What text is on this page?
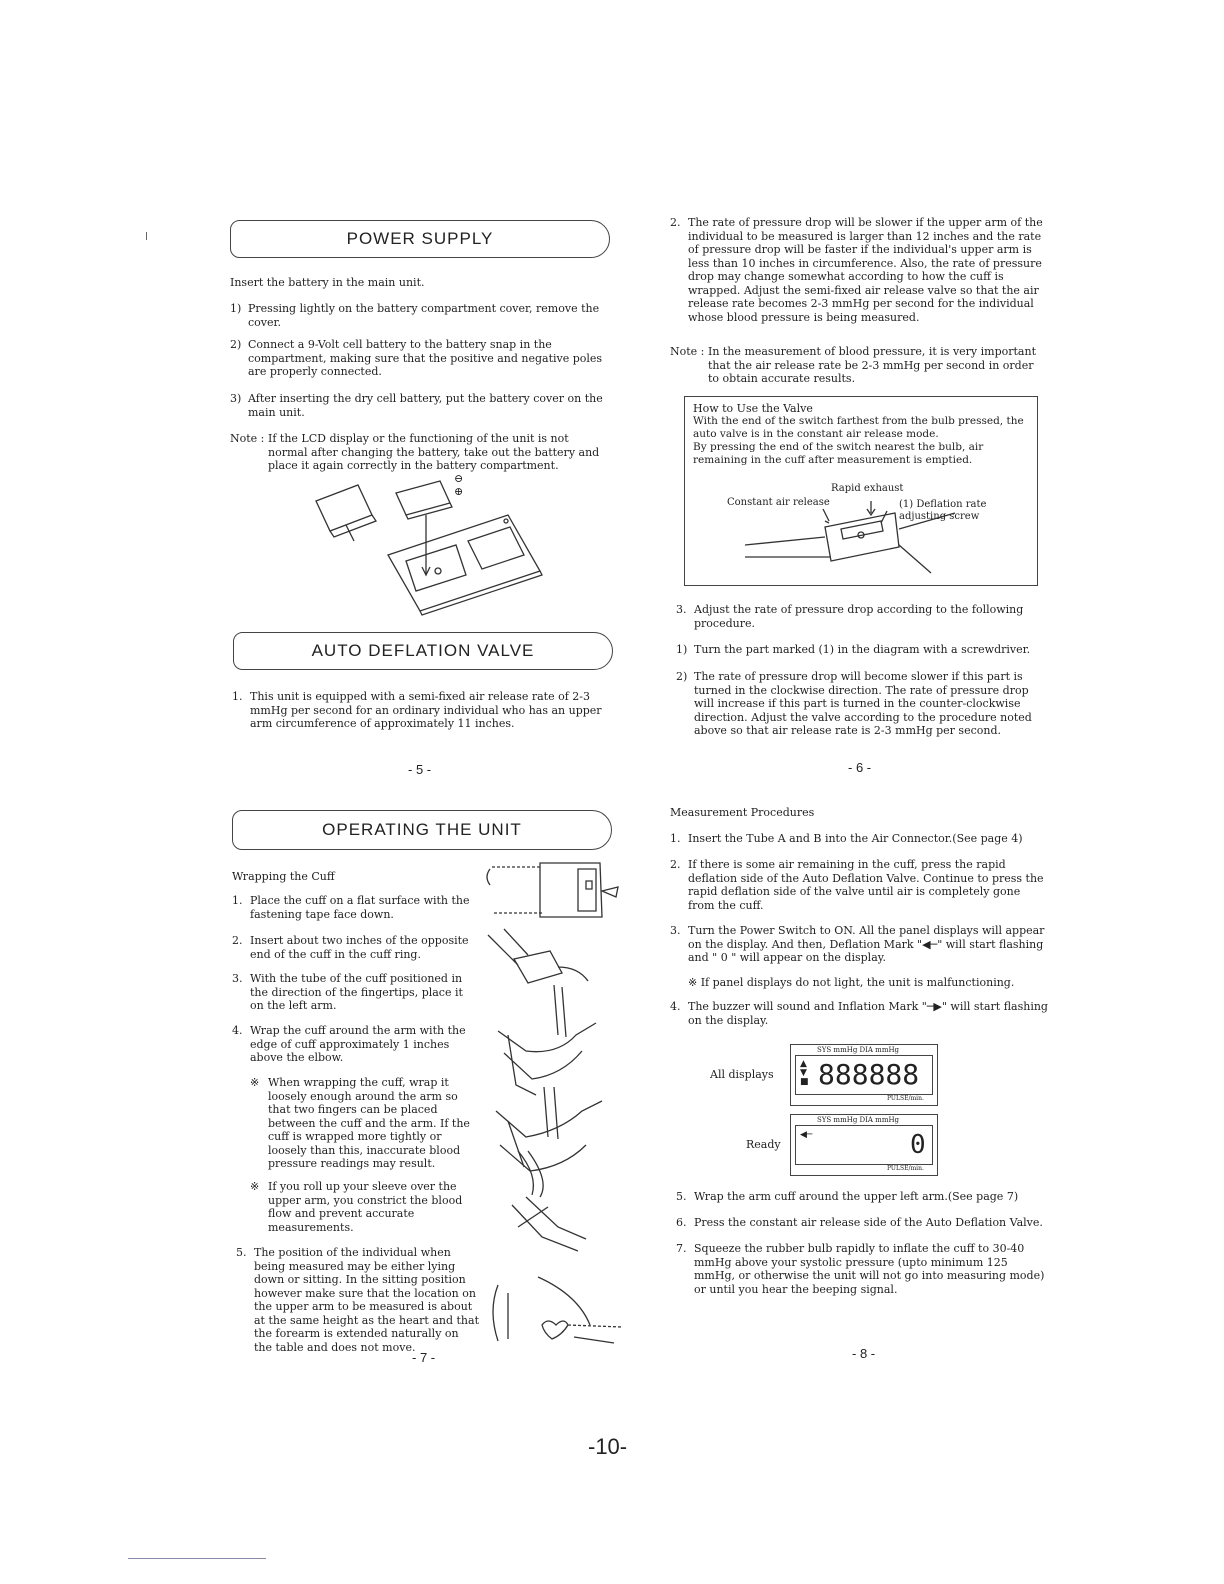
POWER SUPPLY
Insert the battery in the main unit.
1) Pressing lightly on the battery compartment cover, remove the cover.
2) Connect a 9-Volt cell battery to the battery snap in the compartment, making sure that the positive and negative poles are properly connected.
3) After inserting the dry cell battery, put the battery cover on the main unit.
Note : If the LCD display or the functioning of the unit is not normal after changing the battery, take out the battery and place it again correctly in the battery compartment.
⊖
⊕
AUTO DEFLATION VALVE
1. This unit is equipped with a semi-fixed air release rate of 2-3 mmHg per second for an ordinary individual who has an upper arm circumference of approximately 11 inches.
- 5 -
2. The rate of pressure drop will be slower if the upper arm of the individual to be measured is larger than 12 inches and the rate of pressure drop will be faster if the individual's upper arm is less than 10 inches in circumference. Also, the rate of pressure drop may change somewhat according to how the cuff is wrapped. Adjust the semi-fixed air release valve so that the air release rate becomes 2-3 mmHg per second for the individual whose blood pressure is being measured.
Note : In the measurement of blood pressure, it is very important that the air release rate be 2-3 mmHg per second in order to obtain accurate results.
How to Use the Valve
With the end of the switch farthest from the bulb pressed, the auto valve is in the constant air release mode.
By pressing the end of the switch nearest the bulb, air remaining in the cuff after measurement is emptied.
Rapid exhaust
Constant air release	(1) Deflation rate adjusting screw
3. Adjust the rate of pressure drop according to the following procedure.
1) Turn the part marked (1) in the diagram with a screwdriver.
2) The rate of pressure drop will become slower if this part is turned in the clockwise direction. The rate of pressure drop will increase if this part is turned in the counter-clockwise direction. Adjust the valve according to the procedure noted above so that air release rate is 2-3 mmHg per second.
- 6 -
OPERATING THE UNIT
Wrapping the Cuff
1. Place the cuff on a flat surface with the fastening tape face down.
2. Insert about two inches of the opposite end of the cuff in the cuff ring.
3. With the tube of the cuff positioned in the direction of the fingertips, place it on the left arm.
4. Wrap the cuff around the arm with the edge of cuff approximately 1 inches above the elbow.
※ When wrapping the cuff, wrap it loosely enough around the arm so that two fingers can be placed between the cuff and the arm. If the cuff is wrapped more tightly or loosely than this, inaccurate blood pressure readings may result.
※ If you roll up your sleeve over the upper arm, you constrict the blood flow and prevent accurate measurements.
5. The position of the individual when being measured may be either lying down or sitting. In the sitting position however make sure that the location on the upper arm to be measured is about at the same height as the heart and that the forearm is extended naturally on the table and does not move.
- 7 -
Measurement Procedures
1. Insert the Tube A and B into the Air Connector.(See page 4)
2. If there is some air remaining in the cuff, press the rapid deflation side of the Auto Deflation Valve. Continue to press the rapid deflation side of the valve until air is completely gone from the cuff.
3. Turn the Power Switch to ON. All the panel displays will appear on the display. And then, Deflation Mark "◀─" will start flashing and " 0 " will appear on the display.
※ If panel displays do not light, the unit is malfunctioning.
4. The buzzer will sound and Inflation Mark "─▶" will start flashing on the display.
All displays
SYS mmHg DIA mmHg
▲
▼
■ 888888
PULSE/min.
Ready
SYS mmHg DIA mmHg
◀─	0
PULSE/min.
5. Wrap the arm cuff around the upper left arm.(See page 7)
6. Press the constant air release side of the Auto Deflation Valve.
7. Squeeze the rubber bulb rapidly to inflate the cuff to 30-40 mmHg above your systolic pressure (upto minimum 125 mmHg, or otherwise the unit will not go into measuring mode) or until you hear the beeping signal.
- 8 -
-10-
